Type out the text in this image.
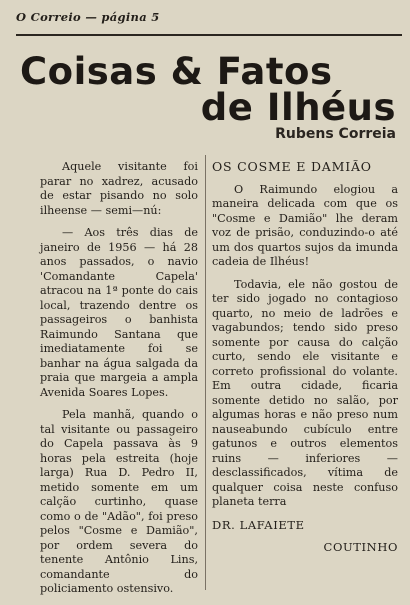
O Correio — página 5
Coisas & Fatos
de Ilhéus
Rubens Correia

Aquele visitante foi parar no xadrez, acusado de estar pisando no solo ilheense — semi—nú:

— Aos três dias de janeiro de 1956 — há 28 anos passados, o navio 'Comandante Capela' atracou na 1ª ponte do cais local, trazendo dentre os passageiros o banhista Raimundo Santana que imediatamente foi se banhar na água salgada da praia que margeia a ampla Avenida Soares Lopes.

Pela manhã, quando o tal visitante ou passageiro do Capela passava às 9 horas pela estreita (hoje larga) Rua D. Pedro II, metido somente em um calção curtinho, quase como o de "Adão", foi preso pelos "Cosme e Damião", por ordem severa do tenente Antônio Lins, comandante do policiamento ostensivo.

OS COSME E DAMIÃO

O Raimundo elogiou a maneira delicada com que os "Cosme e Damião" lhe deram voz de prisão, conduzindo-o até um dos quartos sujos da imunda cadeia de Ilhéus!

Todavia, ele não gostou de ter sido jogado no contagioso quarto, no meio de ladrões e vagabundos; tendo sido preso somente por causa do calção curto, sendo ele visitante e correto profissional do volante. Em outra cidade, ficaria somente detido no salão, por algumas horas e não preso num nauseabundo cubículo entre gatunos e outros elementos ruins — inferiores — desclassificados, vítima de qualquer coisa neste confuso planeta terra

DR. LAFAIETE

COUTINHO
